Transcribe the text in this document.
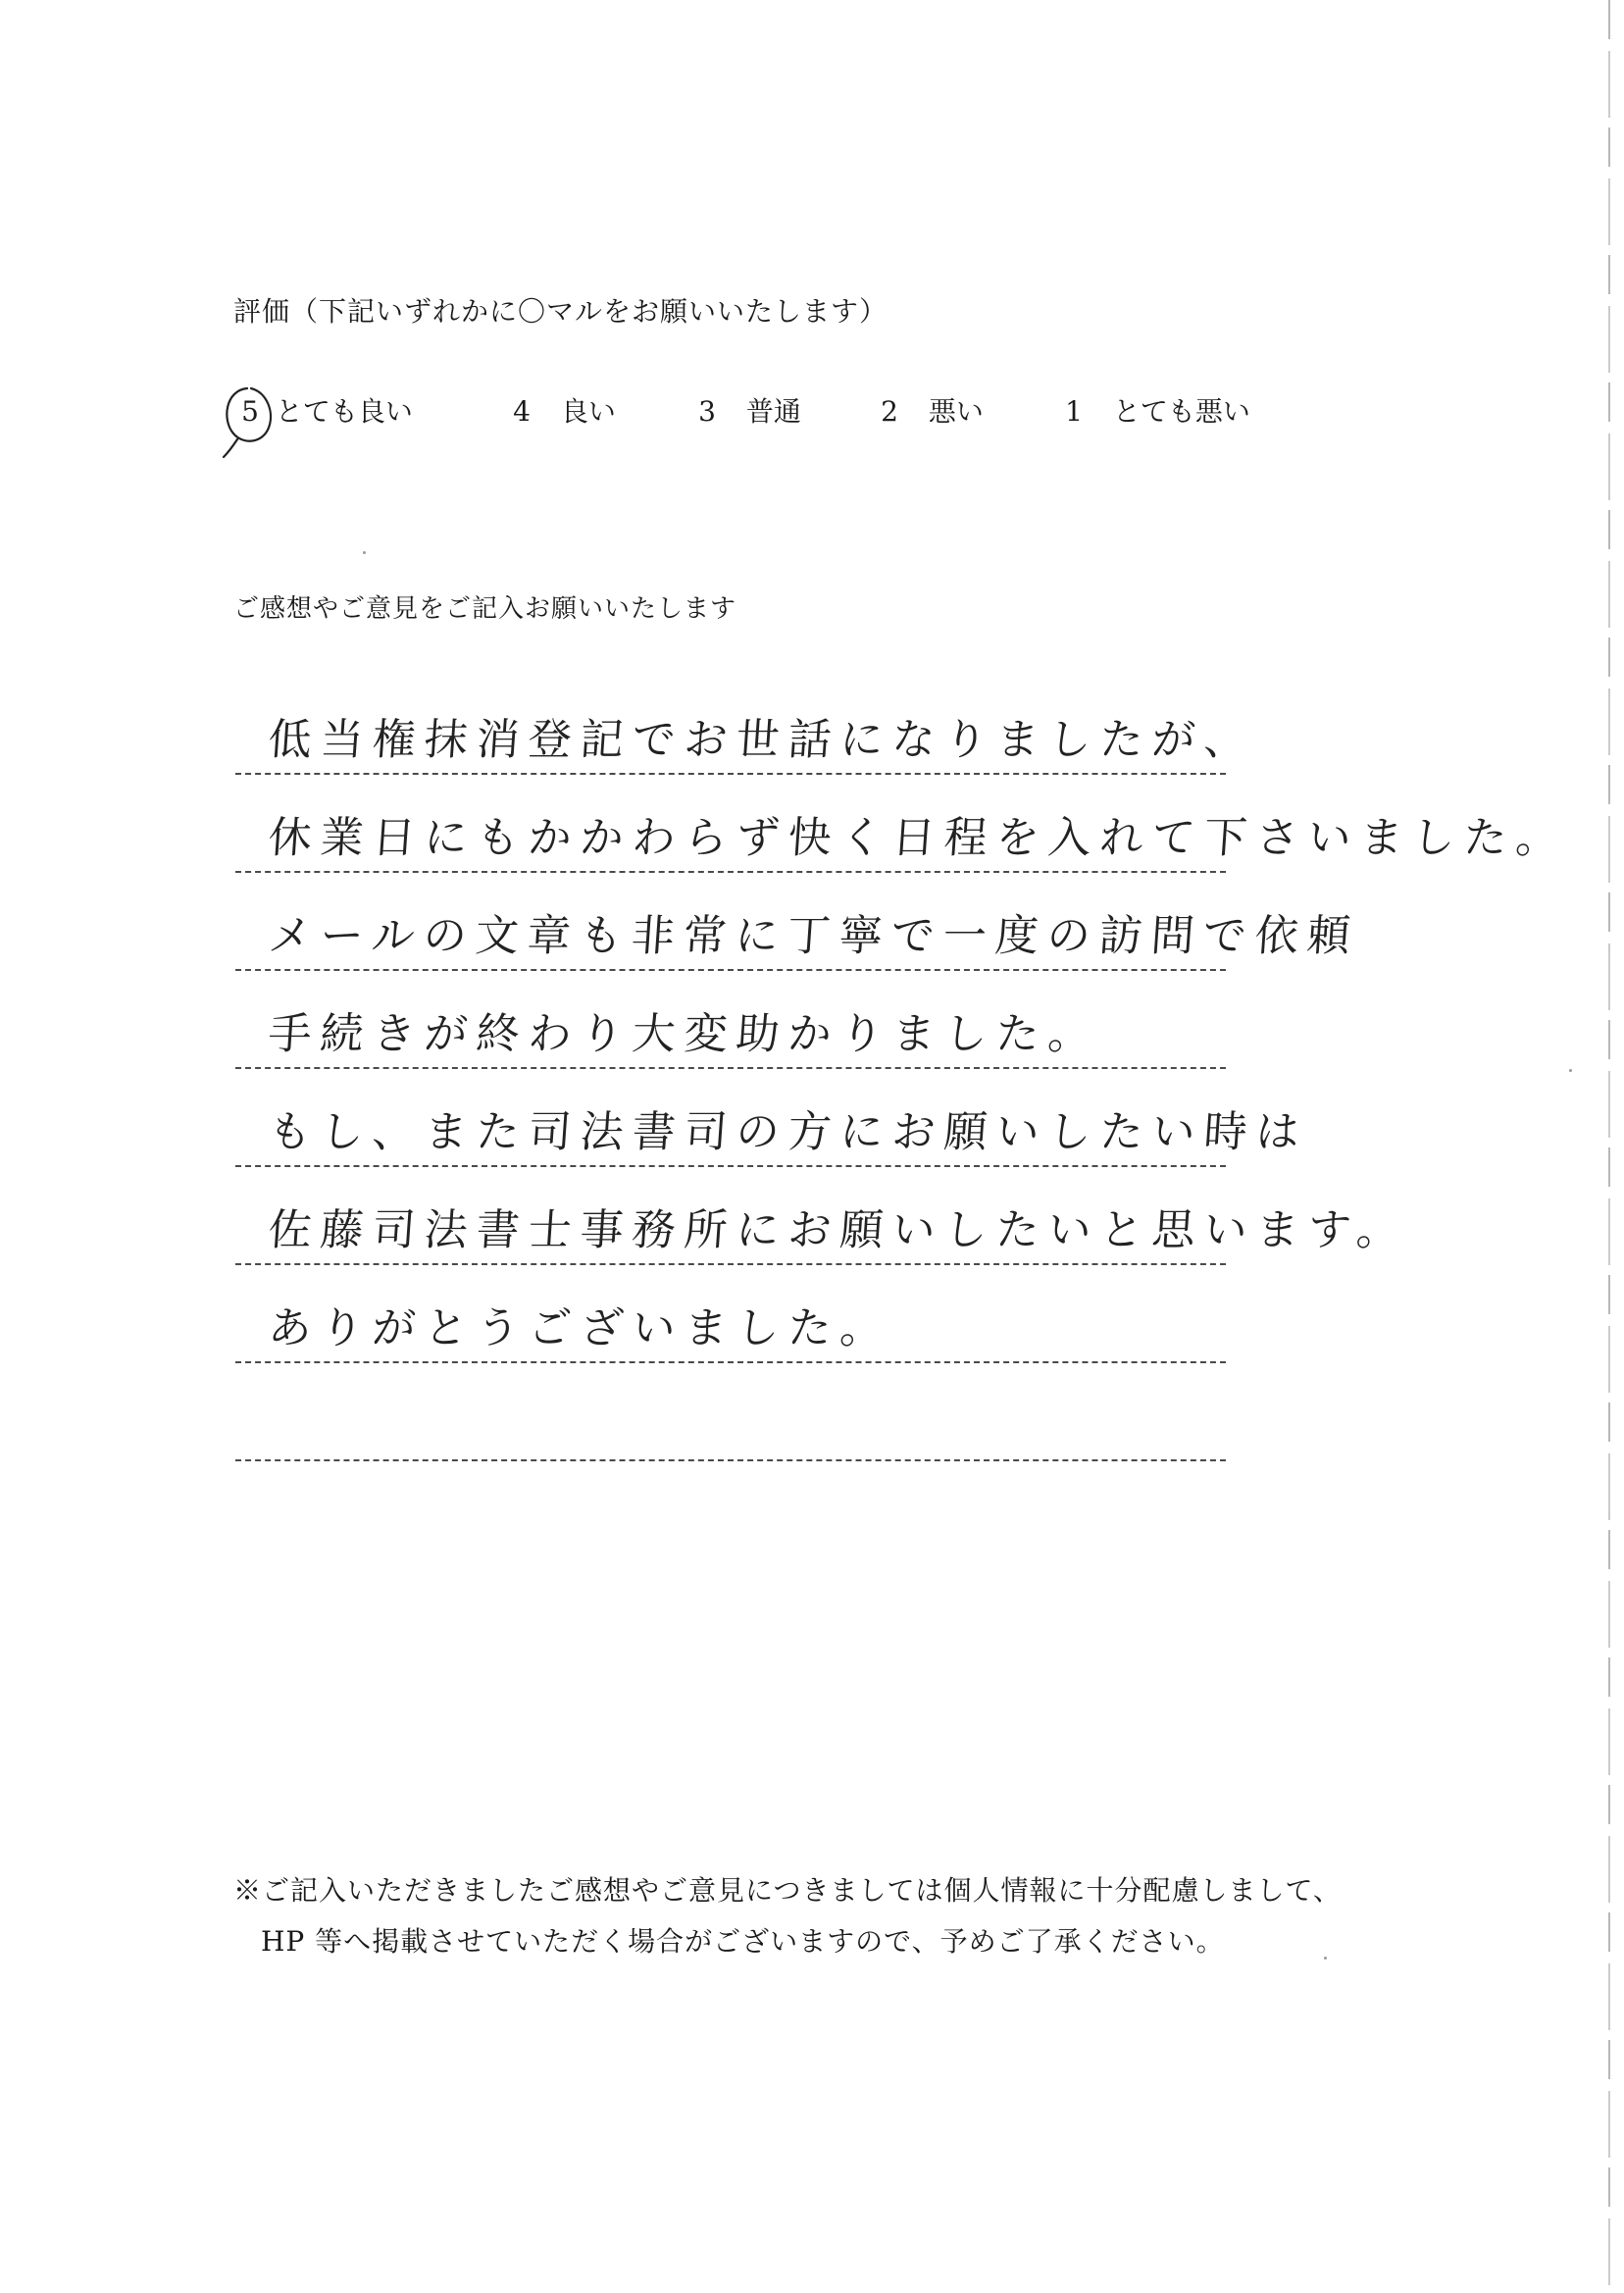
評価（下記いずれかに〇マルをお願いいたします）
5 とても良い	4 良い	3 普通	2 悪い	1 とても悪い
ご感想やご意見をご記入お願いいたします
低当権抹消登記でお世話になりましたが、
休業日にもかかわらず快く日程を入れて下さいました。
メールの文章も非常に丁寧で一度の訪問で依頼
手続きが終わり大変助かりました。
もし、また司法書司の方にお願いしたい時は
佐藤司法書士事務所にお願いしたいと思います。
ありがとうございました。
※ご記入いただきましたご感想やご意見につきましては個人情報に十分配慮しまして、
HP 等へ掲載させていただく場合がございますので、予めご了承ください。
